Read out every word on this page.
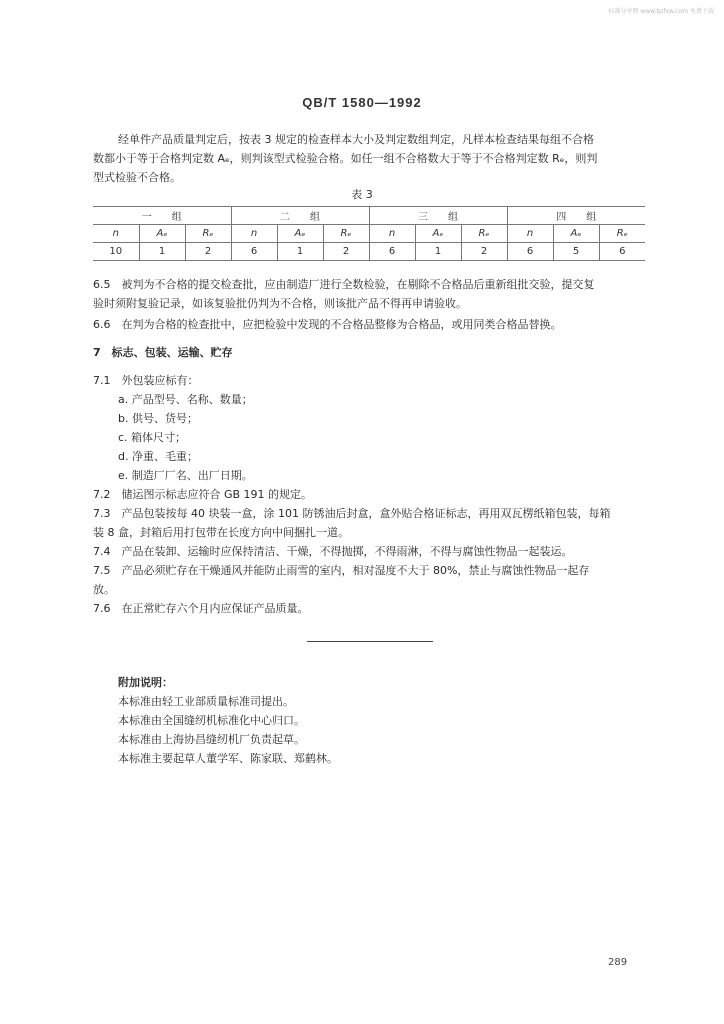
标准分享网 www.bzfxw.com 免费下载
QB/T 1580—1992
经单件产品质量判定后，按表 3 规定的检查样本大小及判定数组判定，凡样本检查结果每组不合格
数都小于等于合格判定数 Aₑ，则判该型式检验合格。如任一组不合格数大于等于不合格判定数 Rₑ，则判
型式检验不合格。
表 3
一　　组			二　　组			三　　组			四　　组		
n	Aₑ	Rₑ	n	Aₑ	Rₑ	n	Aₑ	Rₑ	n	Aₑ	Rₑ
10	1	2	6	1	2	6	1	2	6	5	6
6.5　被判为不合格的提交检查批，应由制造厂进行全数检验，在剔除不合格品后重新组批交验，提交复
验时须附复验记录，如该复验批仍判为不合格，则该批产品不得再申请验收。
6.6　在判为合格的检查批中，应把检验中发现的不合格品整修为合格品，或用同类合格品替换。
7　标志、包装、运输、贮存
7.1　外包装应标有：
a. 产品型号、名称、数量；
b. 供号、货号；
c. 箱体尺寸；
d. 净重、毛重；
e. 制造厂厂名、出厂日期。
7.2　储运图示标志应符合 GB 191 的规定。
7.3　产品包装按每 40 块装一盒，涂 101 防锈油后封盒，盒外贴合格证标志，再用双瓦楞纸箱包装，每箱
装 8 盒，封箱后用打包带在长度方向中间捆扎一道。
7.4　产品在装卸、运输时应保持清洁、干燥，不得抛掷，不得雨淋，不得与腐蚀性物品一起装运。
7.5　产品必须贮存在干燥通风并能防止雨雪的室内，相对湿度不大于 80%，禁止与腐蚀性物品一起存
放。
7.6　在正常贮存六个月内应保证产品质量。
附加说明：
本标准由轻工业部质量标准司提出。
本标准由全国缝纫机标准化中心归口。
本标准由上海协昌缝纫机厂负责起草。
本标准主要起草人董学军、陈家联、郑鹤林。
289
